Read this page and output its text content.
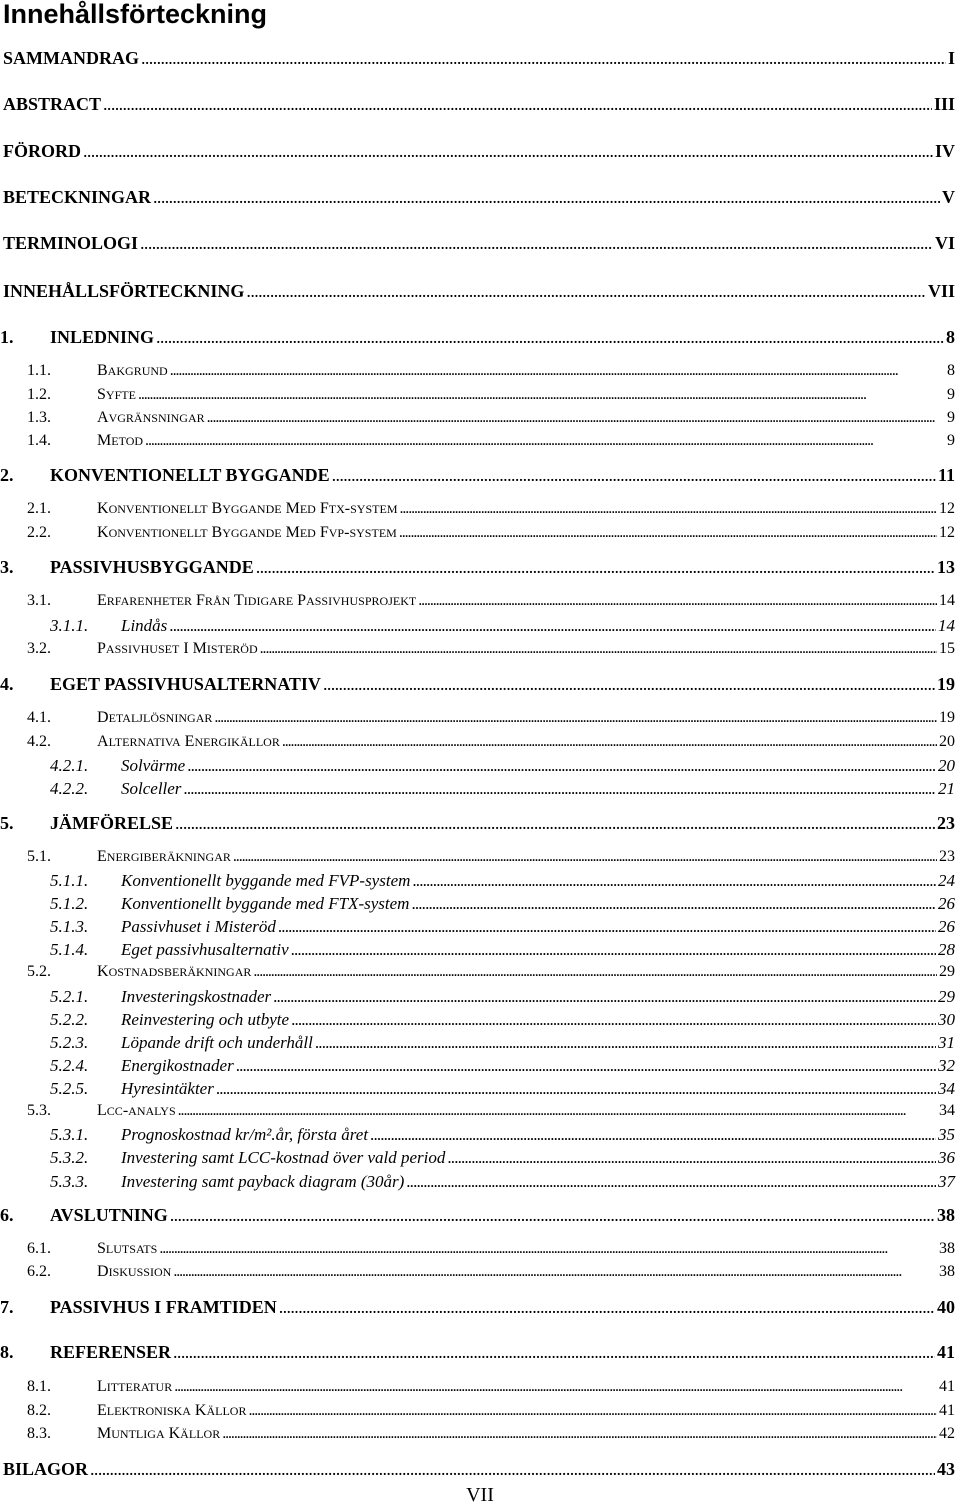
Innehållsförteckning
SAMMANDRAG . . .	I
ABSTRACT . . .	III
FÖRORD . . .	IV
BETECKNINGAR . . .	V
TERMINOLOGI . . .	VI
INNEHÅLLSFÖRTECKNING . . .	VII
1.	INLEDNING . . .	8
1.1.	BAKGRUND . . .	8
1.2.	SYFTE . . .	9
1.3.	AVGRÄNSNINGAR . . .	9
1.4.	METOD . . .	9
2.	KONVENTIONELLT BYGGANDE . . .	11
2.1.	KONVENTIONELLT BYGGANDE MED FTX-SYSTEM . . .	12
2.2.	KONVENTIONELLT BYGGANDE MED FVP-SYSTEM . . .	12
3.	PASSIVHUSBYGGANDE . . .	13
3.1.	ERFARENHETER FRÅN TIDIGARE PASSIVHUSPROJEKT . . .	14
3.1.1.	Lindås . . .	14
3.2.	PASSIVHUSET I MISTERÖD . . .	15
4.	EGET PASSIVHUSALTERNATIV . . .	19
4.1.	DETALJLÖSNINGAR . . .	19
4.2.	ALTERNATIVA ENERGIKÄLLOR . . .	20
4.2.1.	Solvärme . . .	20
4.2.2.	Solceller . . .	21
5.	JÄMFÖRELSE . . .	23
5.1.	ENERGIBERÄKNINGAR . . .	23
5.1.1.	Konventionellt byggande med FVP-system . . .	24
5.1.2.	Konventionellt byggande med FTX-system . . .	26
5.1.3.	Passivhuset i Misteröd . . .	26
5.1.4.	Eget passivhusalternativ . . .	28
5.2.	KOSTNADSBERÄKNINGAR . . .	29
5.2.1.	Investeringskostnader . . .	29
5.2.2.	Reinvestering och utbyte . . .	30
5.2.3.	Löpande drift och underhåll . . .	31
5.2.4.	Energikostnader . . .	32
5.2.5.	Hyresintäkter . . .	34
5.3.	LCC-ANALYS . . .	34
5.3.1.	Prognoskostnad kr/m².år, första året . . .	35
5.3.2.	Investering samt LCC-kostnad över vald period . . .	36
5.3.3.	Investering samt payback diagram (30år) . . .	37
6.	AVSLUTNING . . .	38
6.1.	SLUTSATS . . .	38
6.2.	DISKUSSION . . .	38
7.	PASSIVHUS I FRAMTIDEN . . .	40
8.	REFERENSER . . .	41
8.1.	LITTERATUR . . .	41
8.2.	ELEKTRONISKA KÄLLOR . . .	41
8.3.	MUNTLIGA KÄLLOR . . .	42
BILAGOR . . .	43
VII
